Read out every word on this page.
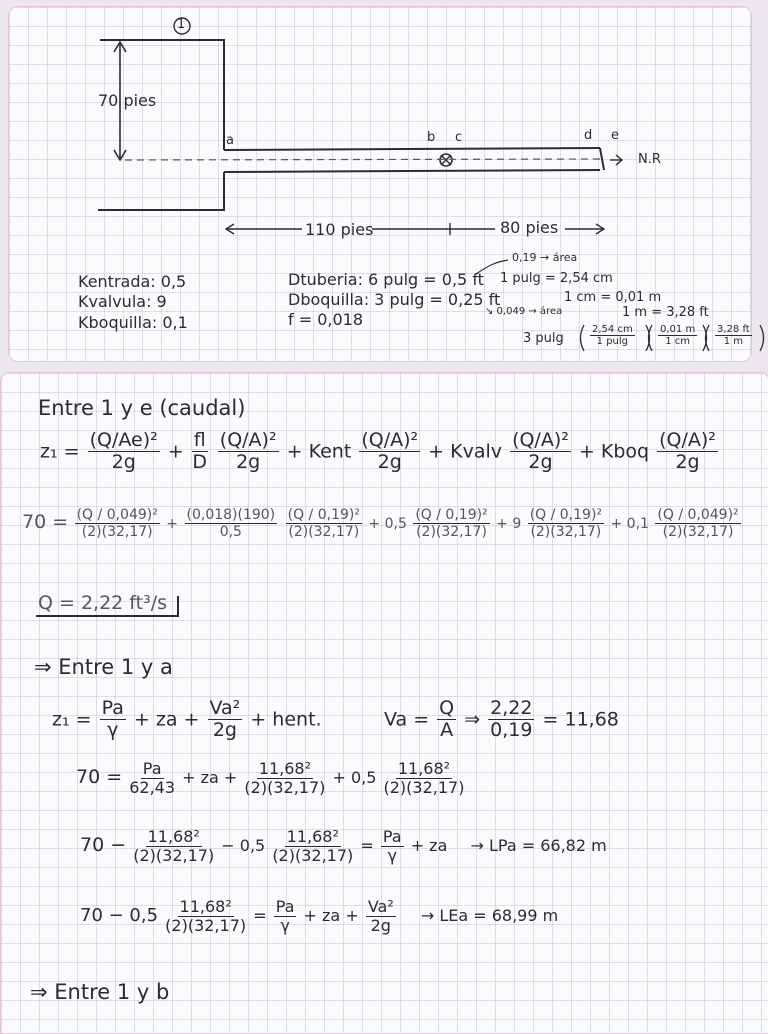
1
70 pies
a	b c	d e
N.R
110 pies	80 pies
Kentrada: 0,5
Kvalvula: 9
Kboquilla: 0,1
Dtuberia: 6 pulg = 0,5 ft
Dboquilla: 3 pulg = 0,25 ft
f = 0,018
0,19 → área
↘ 0,049 → área
1 pulg = 2,54 cm
1 cm = 0,01 m
1 m = 3,28 ft
3 pulg	$\frac{2,54 cm}{1 pulg} \frac{0,01 m}{1 cm} \frac{3,28 ft}{1 m}$
Entre 1 y e (caudal)
$z_1 = \frac{\text{(Q/Ae)²}}{2g} + \frac{fl}{D}$
$\frac{\text{(Q/A)²}}{2g}$ + Kent $\frac{\text{(Q/A)²}}{2g}$ + Kvalv $\frac{\text{(Q/A)²}}{2g}$ + Kboq $\frac{\text{(Q/A)²}}{2g}$
$70 = \frac{\text{(Q / 0,049)²}}{(2)(32,17)} + \frac{(0,018)(190)}{0,5}$
$\frac{\text{(Q / 0,19)²}}{(2)(32,17)} + 0,5 \frac{\text{(Q / 0,19)²}}{(2)(32,17)} + 9 \frac{\text{(Q / 0,19)²}}{(2)(32,17)} + 0,1 \frac{\text{(Q / 0,049)²}}{(2)(32,17)}$
Q = 2,22 ft³/s
⇒ Entre 1 y a
$z_1 = \frac{Pa}{\gamma}$ + za + $\frac{\text{Va²}}{2g}$ + hent.	$Va = \frac{Q}{A}$ ⇒ $\frac{2,22}{0,19} = 11,68$
$70 = \frac{Pa}{62,43}$ + za + $\frac{\text{11,68²}}{(2)(32,17)} + 0,5 \frac{\text{11,68²}}{(2)(32,17)}$
$70 - \frac{\text{11,68²}}{(2)(32,17)} - 0,5 \frac{\text{11,68²}}{(2)(32,17)} = \frac{Pa}{\gamma}$ + za → LPa = 66,82 m
$70 - 0,5 \frac{\text{11,68²}}{(2)(32,17)} = \frac{Pa}{\gamma}$ + za + $\frac{\text{Va²}}{2g}$ → LEa = 68,99 m
⇒ Entre 1 y b
